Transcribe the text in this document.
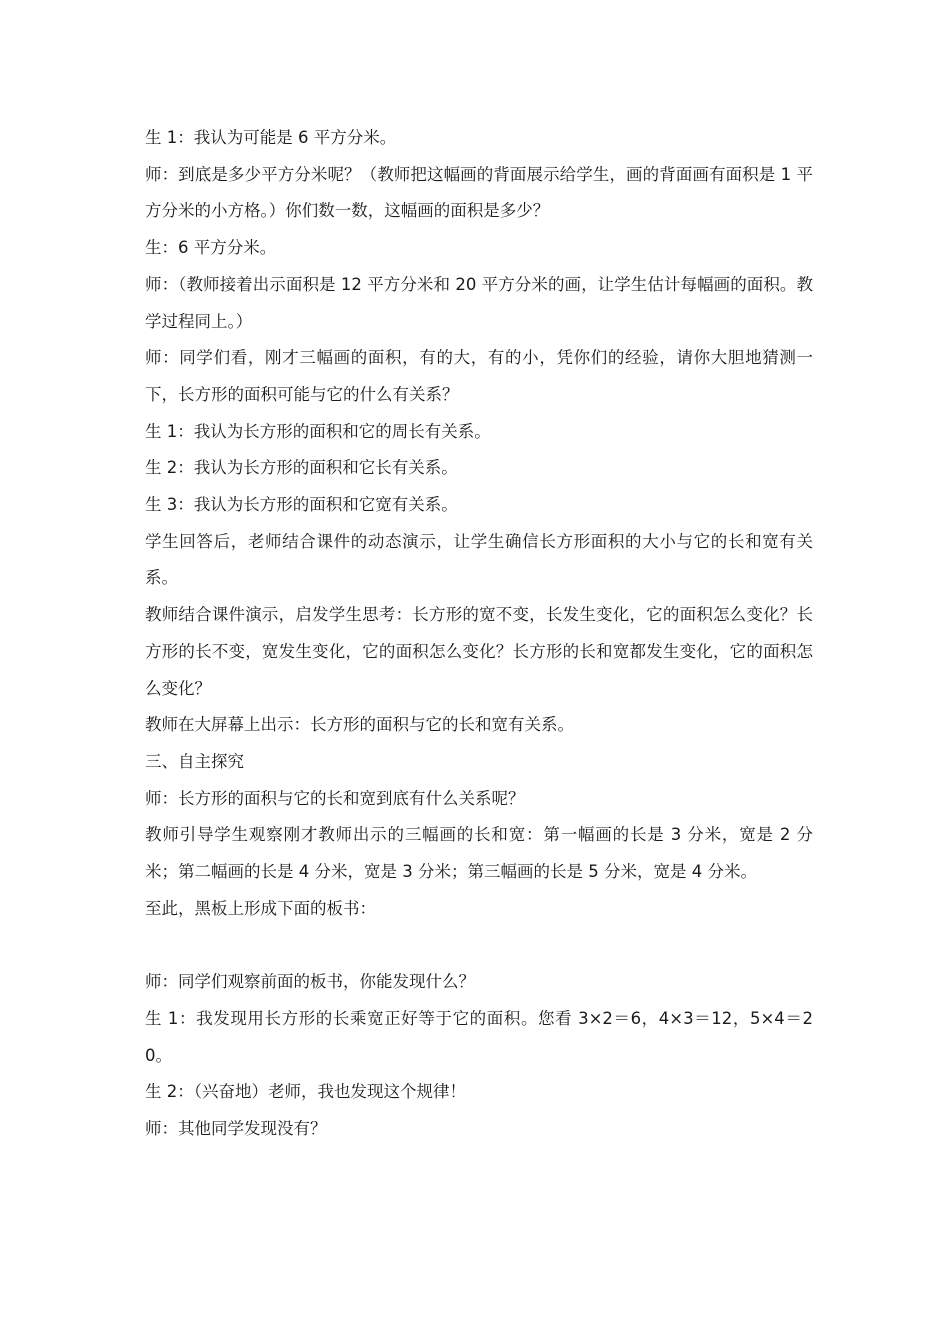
生 1：我认为可能是 6 平方分米。

师：到底是多少平方分米呢？（教师把这幅画的背面展示给学生，画的背面画有面积是 1 平方分米的小方格。）你们数一数，这幅画的面积是多少？

生：6 平方分米。

师：（教师接着出示面积是 12 平方分米和 20 平方分米的画，让学生估计每幅画的面积。教学过程同上。）

师：同学们看，刚才三幅画的面积，有的大，有的小，凭你们的经验，请你大胆地猜测一下，长方形的面积可能与它的什么有关系？

生 1：我认为长方形的面积和它的周长有关系。

生 2：我认为长方形的面积和它长有关系。

生 3：我认为长方形的面积和它宽有关系。

学生回答后，老师结合课件的动态演示，让学生确信长方形面积的大小与它的长和宽有关系。

教师结合课件演示，启发学生思考：长方形的宽不变，长发生变化，它的面积怎么变化？长方形的长不变，宽发生变化，它的面积怎么变化？长方形的长和宽都发生变化，它的面积怎么变化？

教师在大屏幕上出示：长方形的面积与它的长和宽有关系。

三、自主探究

师：长方形的面积与它的长和宽到底有什么关系呢？

教师引导学生观察刚才教师出示的三幅画的长和宽：第一幅画的长是 3 分米，宽是 2 分米；第二幅画的长是 4 分米，宽是 3 分米；第三幅画的长是 5 分米，宽是 4 分米。

至此，黑板上形成下面的板书：

师：同学们观察前面的板书，你能发现什么？

生 1：我发现用长方形的长乘宽正好等于它的面积。您看 3×2＝6，4×3＝12，5×4＝20。

生 2：（兴奋地）老师，我也发现这个规律！

师：其他同学发现没有？
